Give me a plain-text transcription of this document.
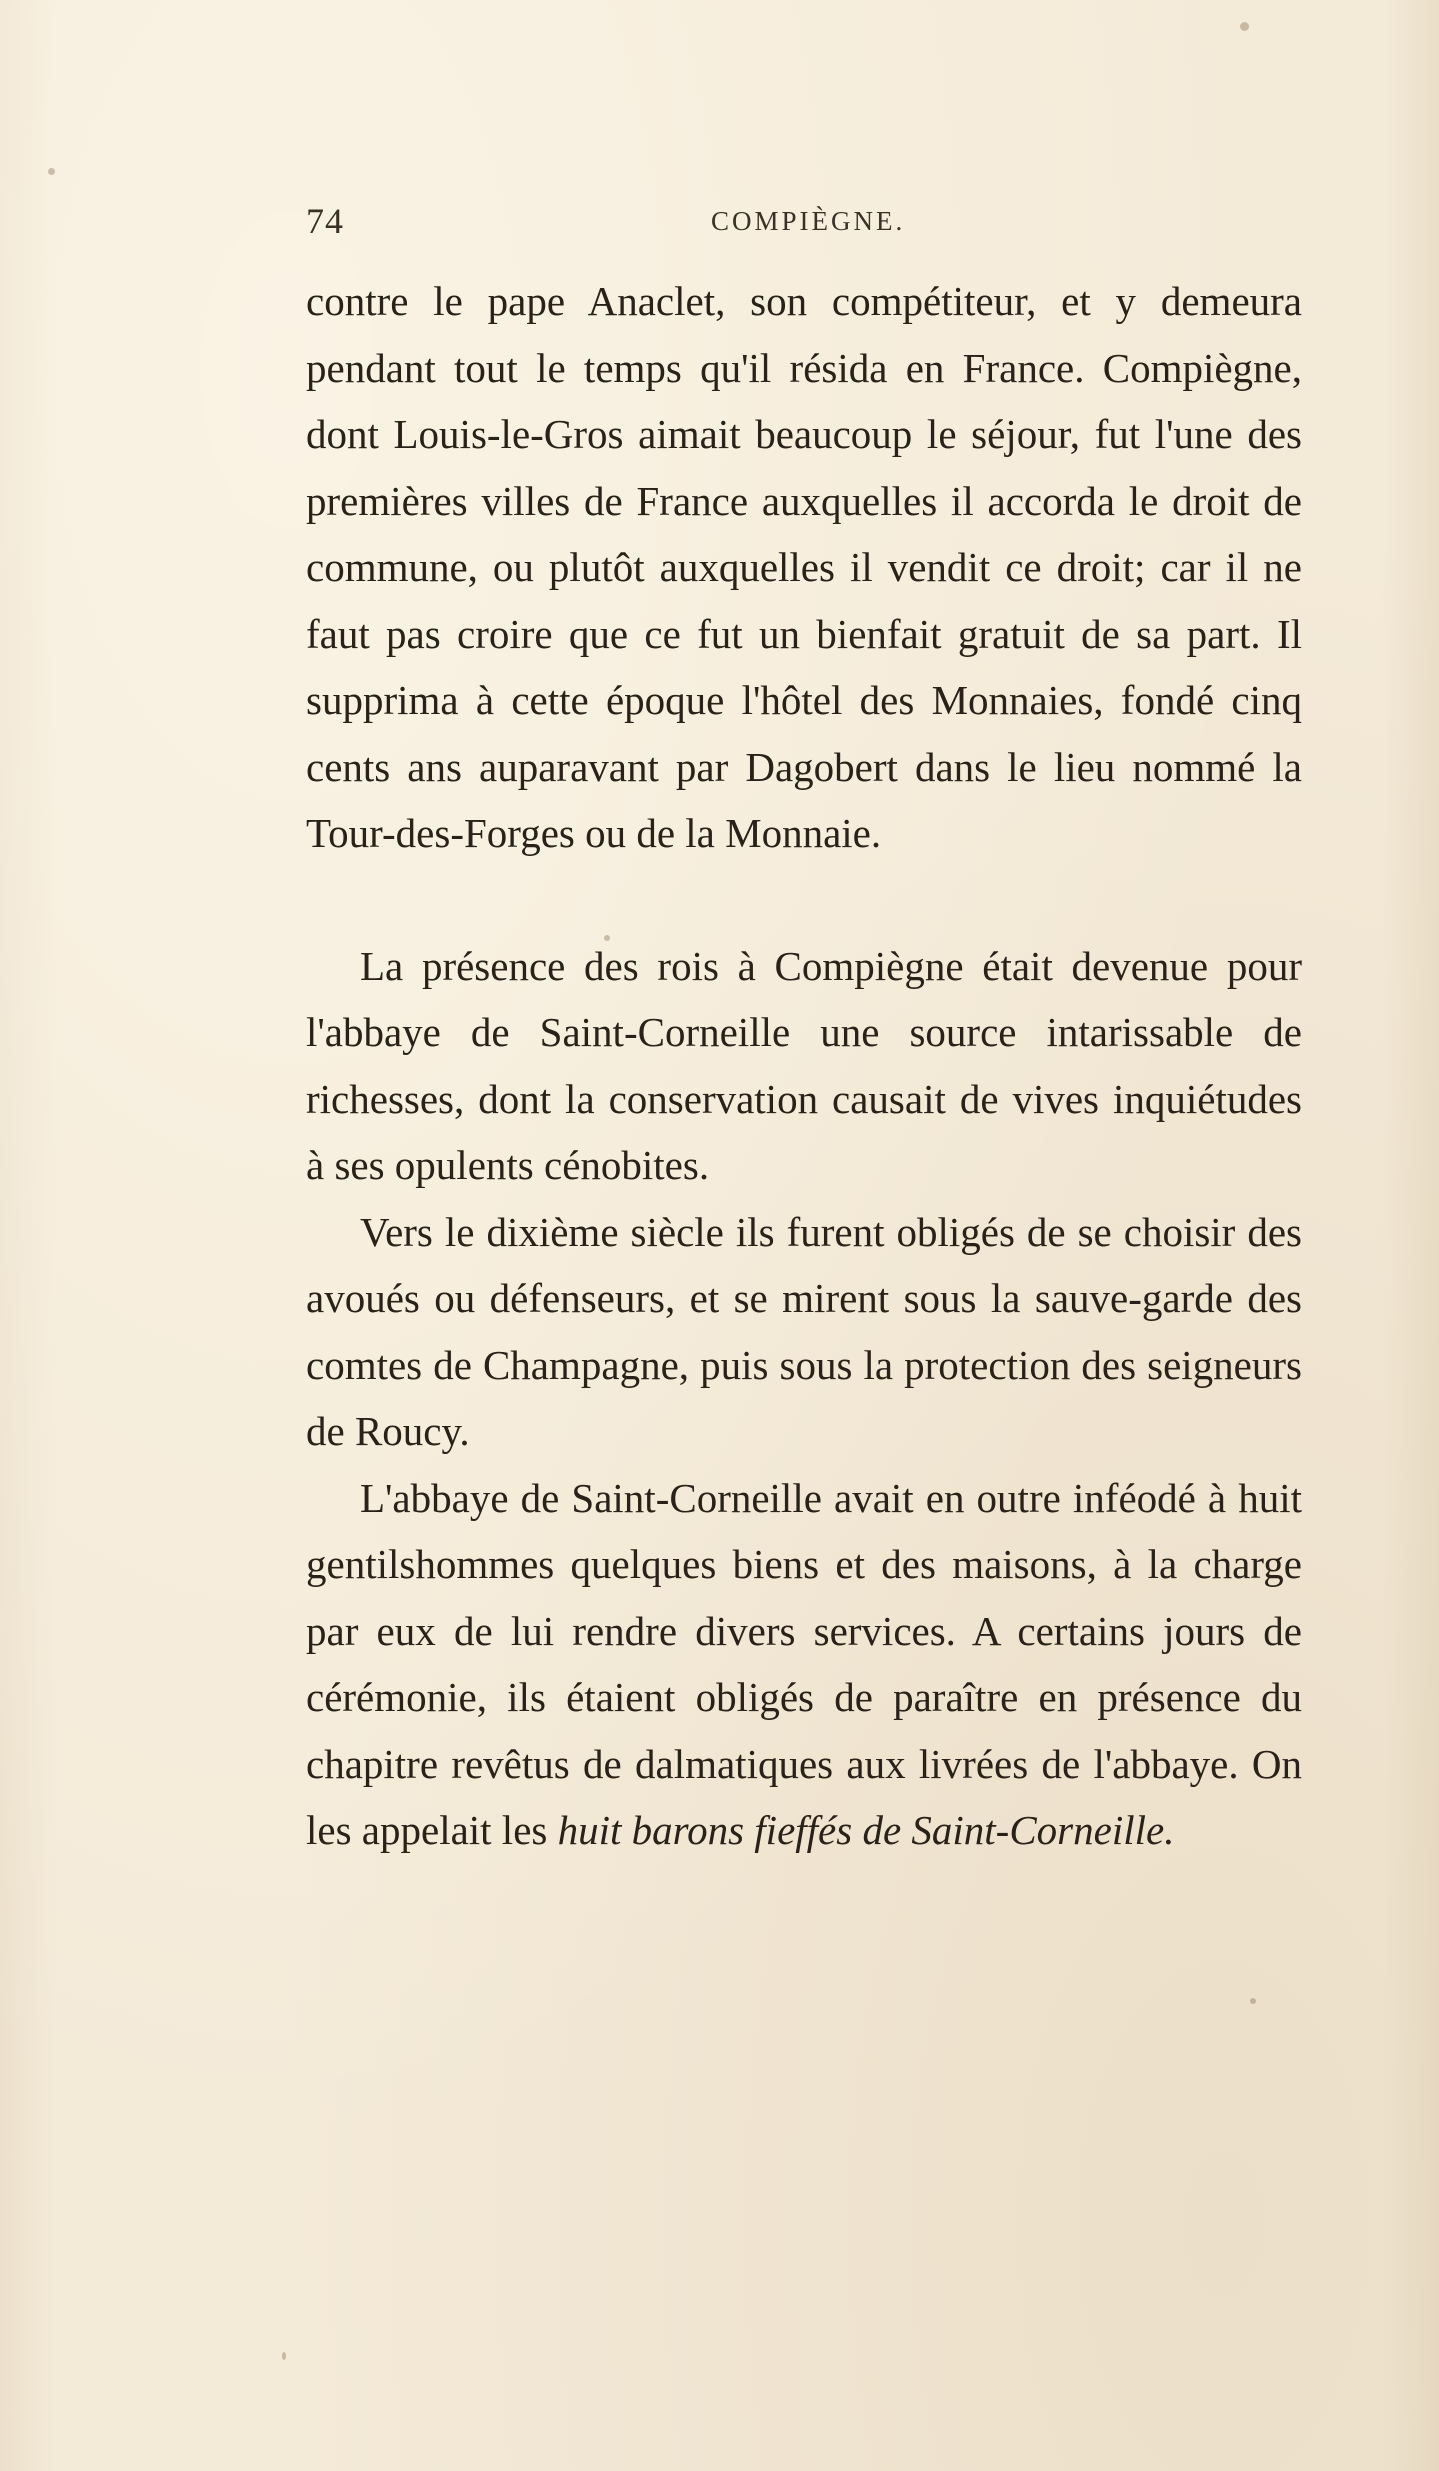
74	COMPIÈGNE.

contre le pape Anaclet, son compétiteur, et y demeura pendant tout le temps qu'il résida en France. Compiègne, dont Louis-le-Gros aimait beaucoup le séjour, fut l'une des premières villes de France auxquelles il accorda le droit de commune, ou plutôt auxquelles il vendit ce droit; car il ne faut pas croire que ce fut un bienfait gratuit de sa part. Il supprima à cette époque l'hôtel des Monnaies, fondé cinq cents ans auparavant par Dagobert dans le lieu nommé la Tour-des-Forges ou de la Monnaie.

La présence des rois à Compiègne était devenue pour l'abbaye de Saint-Corneille une source intarissable de richesses, dont la conservation causait de vives inquiétudes à ses opulents cénobites.

Vers le dixième siècle ils furent obligés de se choisir des avoués ou défenseurs, et se mirent sous la sauve-garde des comtes de Champagne, puis sous la protection des seigneurs de Roucy.

L'abbaye de Saint-Corneille avait en outre inféodé à huit gentilshommes quelques biens et des maisons, à la charge par eux de lui rendre divers services. A certains jours de cérémonie, ils étaient obligés de paraître en présence du chapitre revêtus de dalmatiques aux livrées de l'abbaye. On les appelait les huit barons fieffés de Saint-Corneille.
